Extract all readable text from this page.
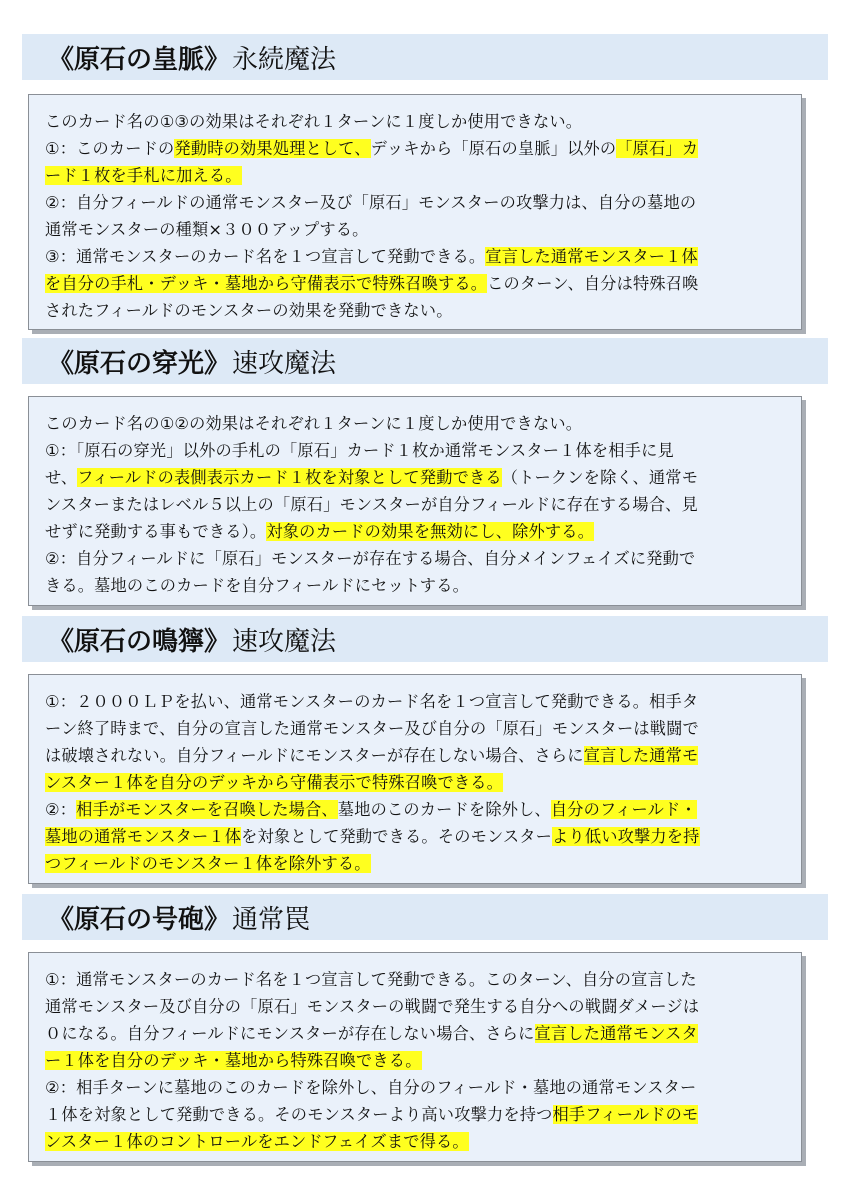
《原石の皇脈》 永続魔法

このカード名の①③の効果はそれぞれ１ターンに１度しか使用できない。

①：このカードの発動時の効果処理として、デッキから「原石の皇脈」以外の「原石」カ

ード１枚を手札に加える。

②：自分フィールドの通常モンスター及び「原石」モンスターの攻撃力は、自分の墓地の

通常モンスターの種類×３００アップする。

③：通常モンスターのカード名を１つ宣言して発動できる。宣言した通常モンスター１体

を自分の手札・デッキ・墓地から守備表示で特殊召喚する。このターン、自分は特殊召喚

されたフィールドのモンスターの効果を発動できない。

《原石の穿光》 速攻魔法

このカード名の①②の効果はそれぞれ１ターンに１度しか使用できない。

①：「原石の穿光」以外の手札の「原石」カード１枚か通常モンスター１体を相手に見

せ、フィールドの表側表示カード１枚を対象として発動できる（トークンを除く、通常モ

ンスターまたはレベル５以上の「原石」モンスターが自分フィールドに存在する場合、見

せずに発動する事もできる）。対象のカードの効果を無効にし、除外する。

②：自分フィールドに「原石」モンスターが存在する場合、自分メインフェイズに発動で

きる。墓地のこのカードを自分フィールドにセットする。

《原石の鳴獰》 速攻魔法

①：２０００ＬＰを払い、通常モンスターのカード名を１つ宣言して発動できる。相手タ

ーン終了時まで、自分の宣言した通常モンスター及び自分の「原石」モンスターは戦闘で

は破壊されない。自分フィールドにモンスターが存在しない場合、さらに宣言した通常モ

ンスター１体を自分のデッキから守備表示で特殊召喚できる。

②：相手がモンスターを召喚した場合、墓地のこのカードを除外し、自分のフィールド・

墓地の通常モンスター１体を対象として発動できる。そのモンスターより低い攻撃力を持

つフィールドのモンスター１体を除外する。

《原石の号砲》 通常罠

①：通常モンスターのカード名を１つ宣言して発動できる。このターン、自分の宣言した

通常モンスター及び自分の「原石」モンスターの戦闘で発生する自分への戦闘ダメージは

０になる。自分フィールドにモンスターが存在しない場合、さらに宣言した通常モンスタ

ー１体を自分のデッキ・墓地から特殊召喚できる。

②：相手ターンに墓地のこのカードを除外し、自分のフィールド・墓地の通常モンスター

１体を対象として発動できる。そのモンスターより高い攻撃力を持つ相手フィールドのモ

ンスター１体のコントロールをエンドフェイズまで得る。
